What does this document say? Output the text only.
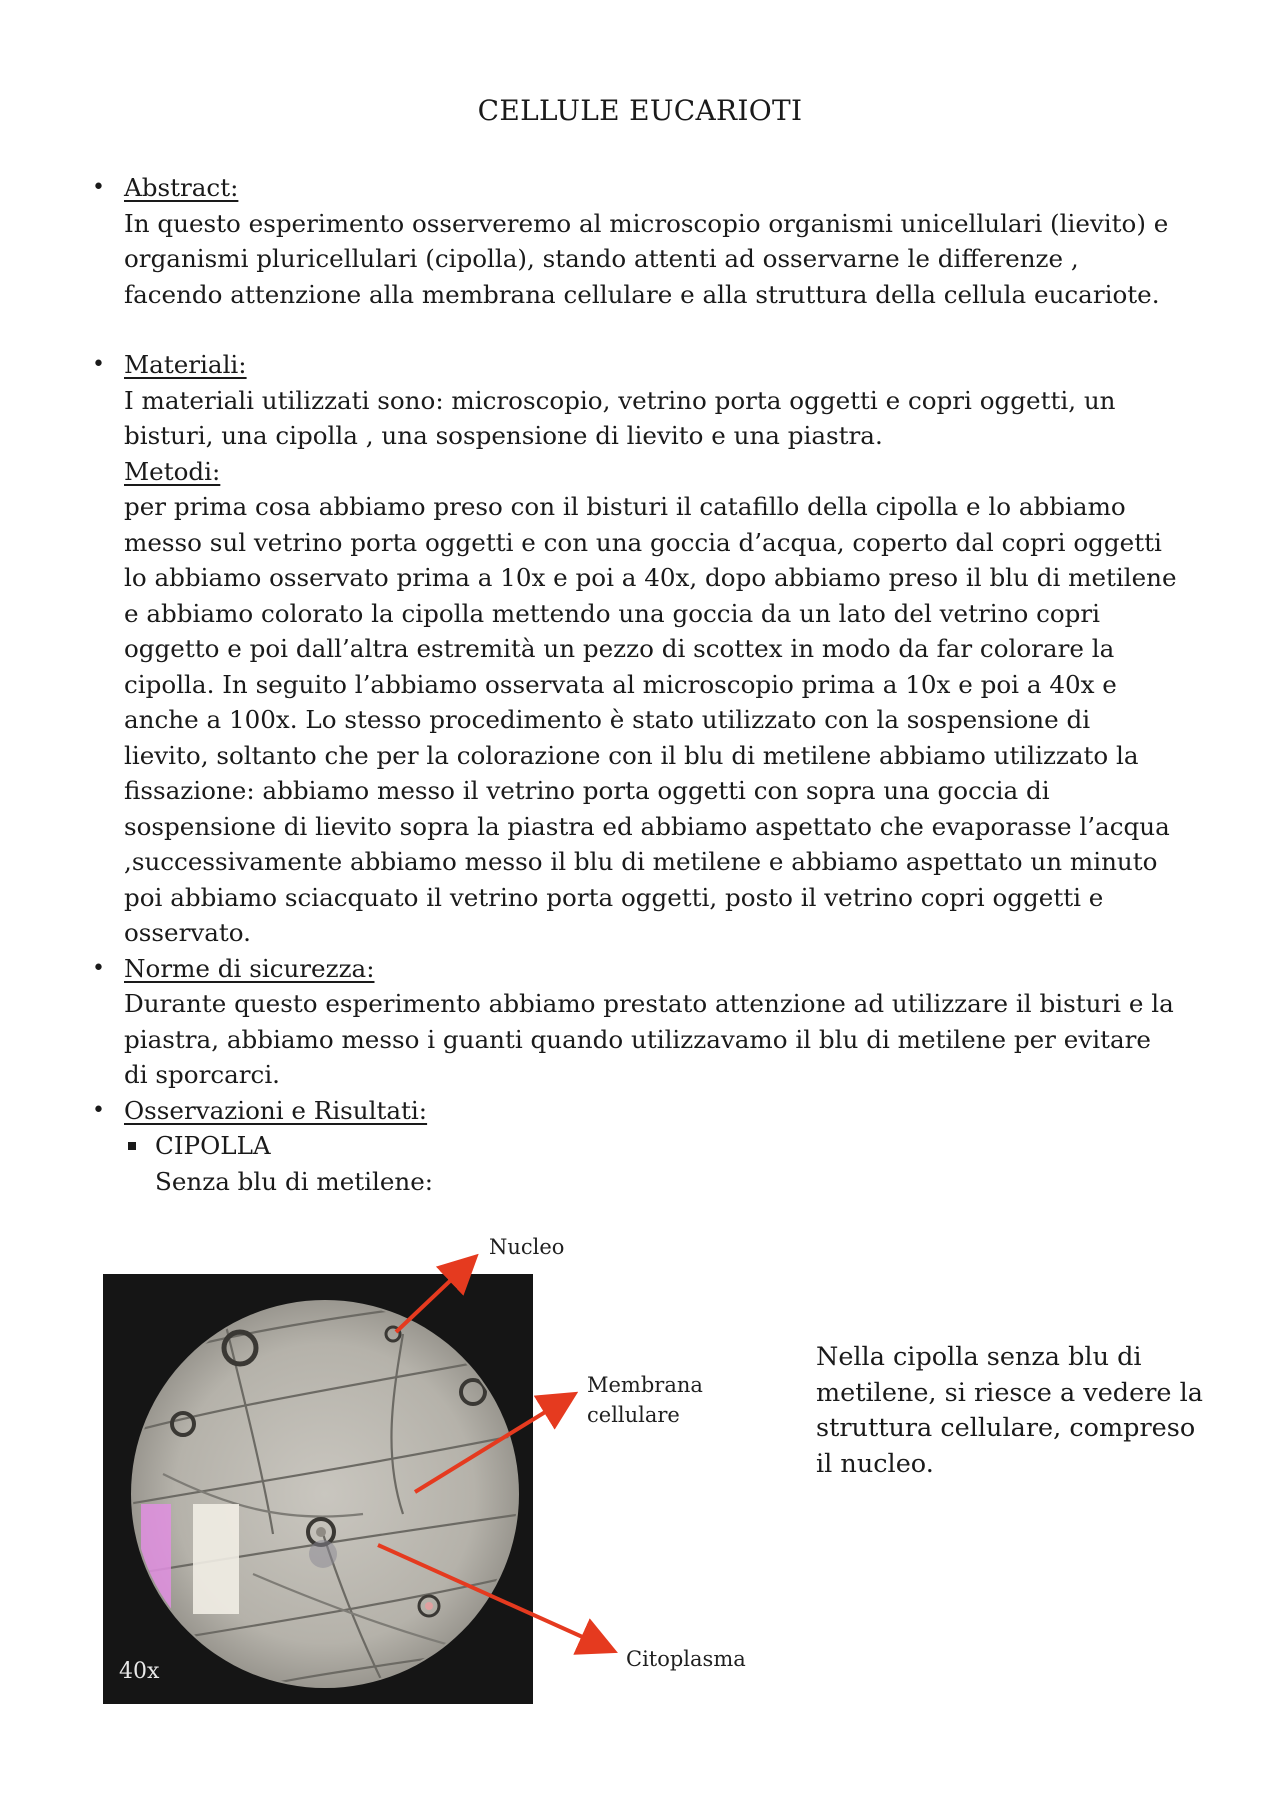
CELLULE EUCARIOTI
• Abstract:

In questo esperimento osserveremo al microscopio organismi unicellulari (lievito) e organismi pluricellulari (cipolla), stando attenti ad osservarne le differenze , facendo attenzione alla membrana cellulare e alla struttura della cellula eucariote.

• Materiali:

I materiali utilizzati sono: microscopio, vetrino porta oggetti e copri oggetti, un bisturi, una cipolla , una sospensione di lievito e una piastra.

Metodi:

per prima cosa abbiamo preso con il bisturi il catafillo della cipolla e lo abbiamo messo sul vetrino porta oggetti e con una goccia d’acqua, coperto dal copri oggetti lo abbiamo osservato prima a 10x e poi a 40x, dopo abbiamo preso il blu di metilene e abbiamo colorato la cipolla mettendo una goccia da un lato del vetrino copri oggetto e poi dall’altra estremità un pezzo di scottex in modo da far colorare la cipolla. In seguito l’abbiamo osservata al microscopio prima a 10x e poi a 40x e anche a 100x. Lo stesso procedimento è stato utilizzato con la sospensione di lievito, soltanto che per la colorazione con il blu di metilene abbiamo utilizzato la fissazione: abbiamo messo il vetrino porta oggetti con sopra una goccia di sospensione di lievito sopra la piastra ed abbiamo aspettato che evaporasse l’acqua ,successivamente abbiamo messo il blu di metilene e abbiamo aspettato un minuto poi abbiamo sciacquato il vetrino porta oggetti, posto il vetrino copri oggetti e osservato.

• Norme di sicurezza:

Durante questo esperimento abbiamo prestato attenzione ad utilizzare il bisturi e la piastra, abbiamo messo i guanti quando utilizzavamo il blu di metilene per evitare di sporcarci.

• Osservazioni e Risultati:

CIPOLLA

Senza blu di metilene:

40x
Nucleo
Membrana
cellulare
Citoplasma
Nella cipolla senza blu di metilene, si riesce a vedere la struttura cellulare, compreso il nucleo.
